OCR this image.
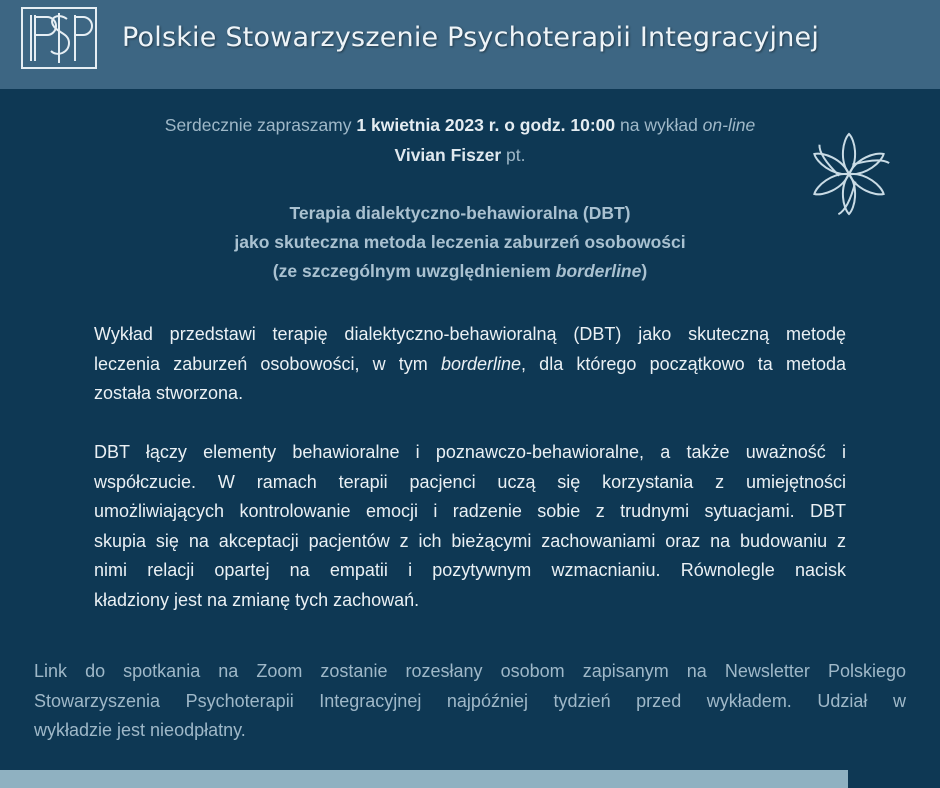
Polskie Stowarzyszenie Psychoterapii Integracyjnej
Serdecznie zapraszamy 1 kwietnia 2023 r. o godz. 10:00 na wykład on-line
Vivian Fiszer pt.
Terapia dialektyczno-behawioralna (DBT)
jako skuteczna metoda leczenia zaburzeń osobowości
(ze szczególnym uwzględnieniem borderline)
Wykład przedstawi terapię dialektyczno-behawioralną (DBT) jako skuteczną metodę
leczenia zaburzeń osobowości, w tym borderline, dla którego początkowo ta metoda
została stworzona.
DBT łączy elementy behawioralne i poznawczo-behawioralne, a także uważność i
współczucie. W ramach terapii pacjenci uczą się korzystania z umiejętności
umożliwiających kontrolowanie emocji i radzenie sobie z trudnymi sytuacjami. DBT
skupia się na akceptacji pacjentów z ich bieżącymi zachowaniami oraz na budowaniu z
nimi relacji opartej na empatii i pozytywnym wzmacnianiu. Równolegle nacisk
kładziony jest na zmianę tych zachowań.
Link do spotkania na Zoom zostanie rozesłany osobom zapisanym na Newsletter Polskiego
Stowarzyszenia Psychoterapii Integracyjnej najpóźniej tydzień przed wykładem. Udział w
wykładzie jest nieodpłatny.
